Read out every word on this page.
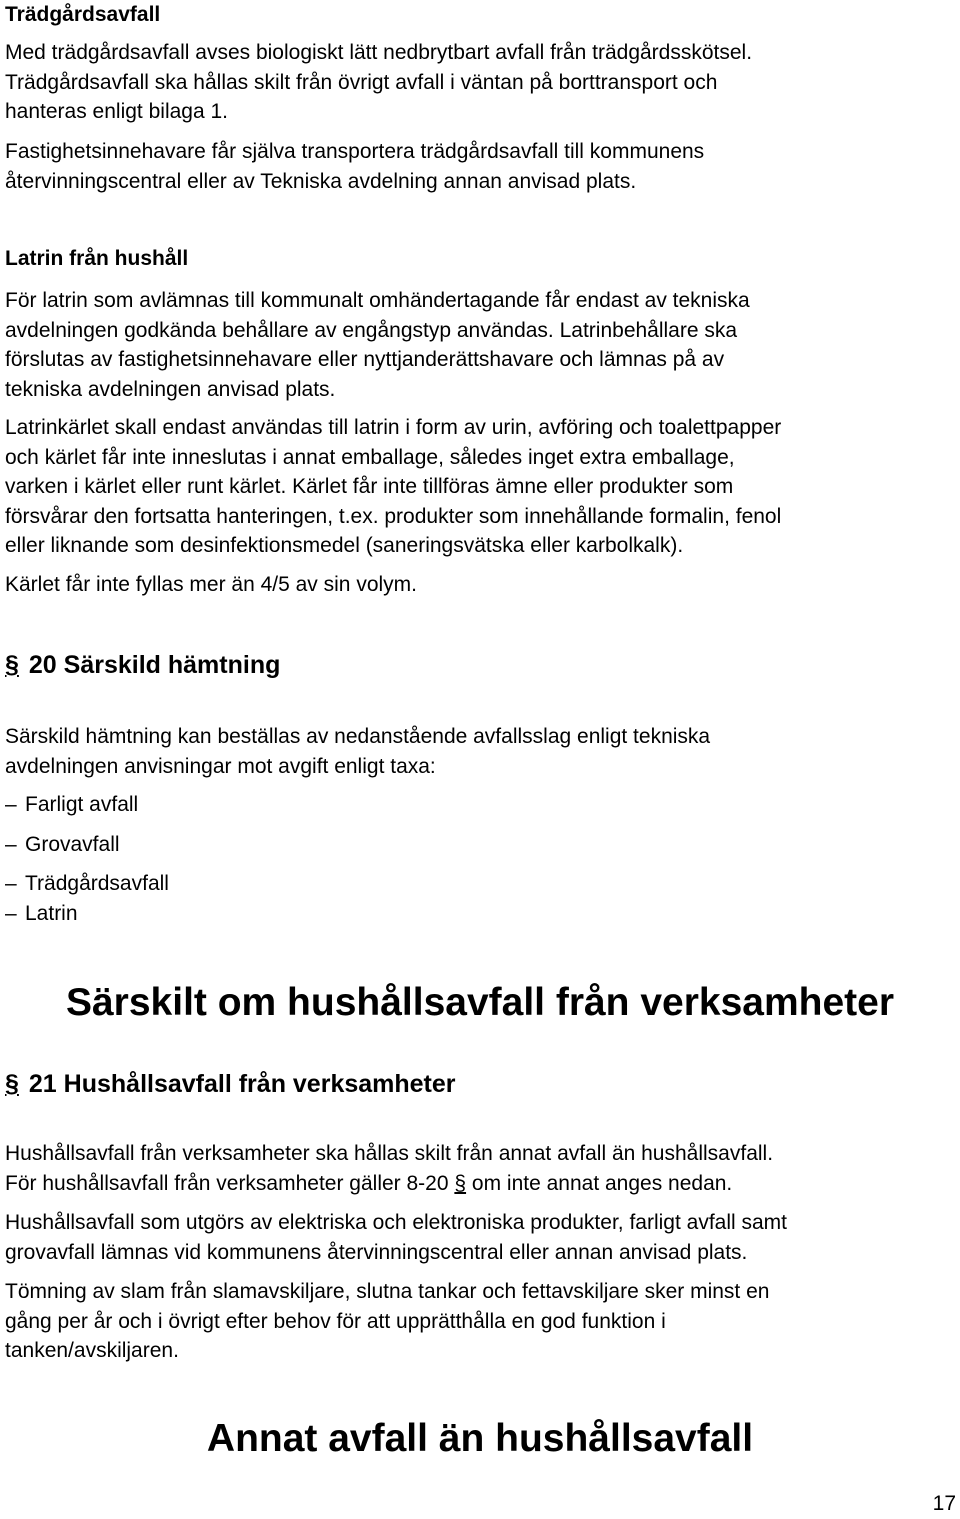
Trädgårdsavfall

Med trädgårdsavfall avses biologiskt lätt nedbrytbart avfall från trädgårdsskötsel.
Trädgårdsavfall ska hållas skilt från övrigt avfall i väntan på borttransport och
hanteras enligt bilaga 1.

Fastighetsinnehavare får själva transportera trädgårdsavfall till kommunens
återvinningscentral eller av Tekniska avdelning annan anvisad plats.

Latrin från hushåll

För latrin som avlämnas till kommunalt omhändertagande får endast av tekniska
avdelningen godkända behållare av engångstyp användas. Latrinbehållare ska
förslutas av fastighetsinnehavare eller nyttjanderättshavare och lämnas på av
tekniska avdelningen anvisad plats.

Latrinkärlet skall endast användas till latrin i form av urin, avföring och toalettpapper
och kärlet får inte inneslutas i annat emballage, således inget extra emballage,
varken i kärlet eller runt kärlet. Kärlet får inte tillföras ämne eller produkter som
försvårar den fortsatta hanteringen, t.ex. produkter som innehållande formalin, fenol
eller liknande som desinfektionsmedel (saneringsvätska eller karbolkalk).

Kärlet får inte fyllas mer än 4/5 av sin volym.

§ 20 Särskild hämtning

Särskild hämtning kan beställas av nedanstående avfallsslag enligt tekniska
avdelningen anvisningar mot avgift enligt taxa:

– Farligt avfall
– Grovavfall
– Trädgårdsavfall
– Latrin
Särskilt om hushållsavfall från verksamheter
§ 21 Hushållsavfall från verksamheter

Hushållsavfall från verksamheter ska hållas skilt från annat avfall än hushållsavfall.
För hushållsavfall från verksamheter gäller 8-20 § om inte annat anges nedan.

Hushållsavfall som utgörs av elektriska och elektroniska produkter, farligt avfall samt
grovavfall lämnas vid kommunens återvinningscentral eller annan anvisad plats.

Tömning av slam från slamavskiljare, slutna tankar och fettavskiljare sker minst en
gång per år och i övrigt efter behov för att upprätthålla en god funktion i
tanken/avskiljaren.

Annat avfall än hushållsavfall
17
